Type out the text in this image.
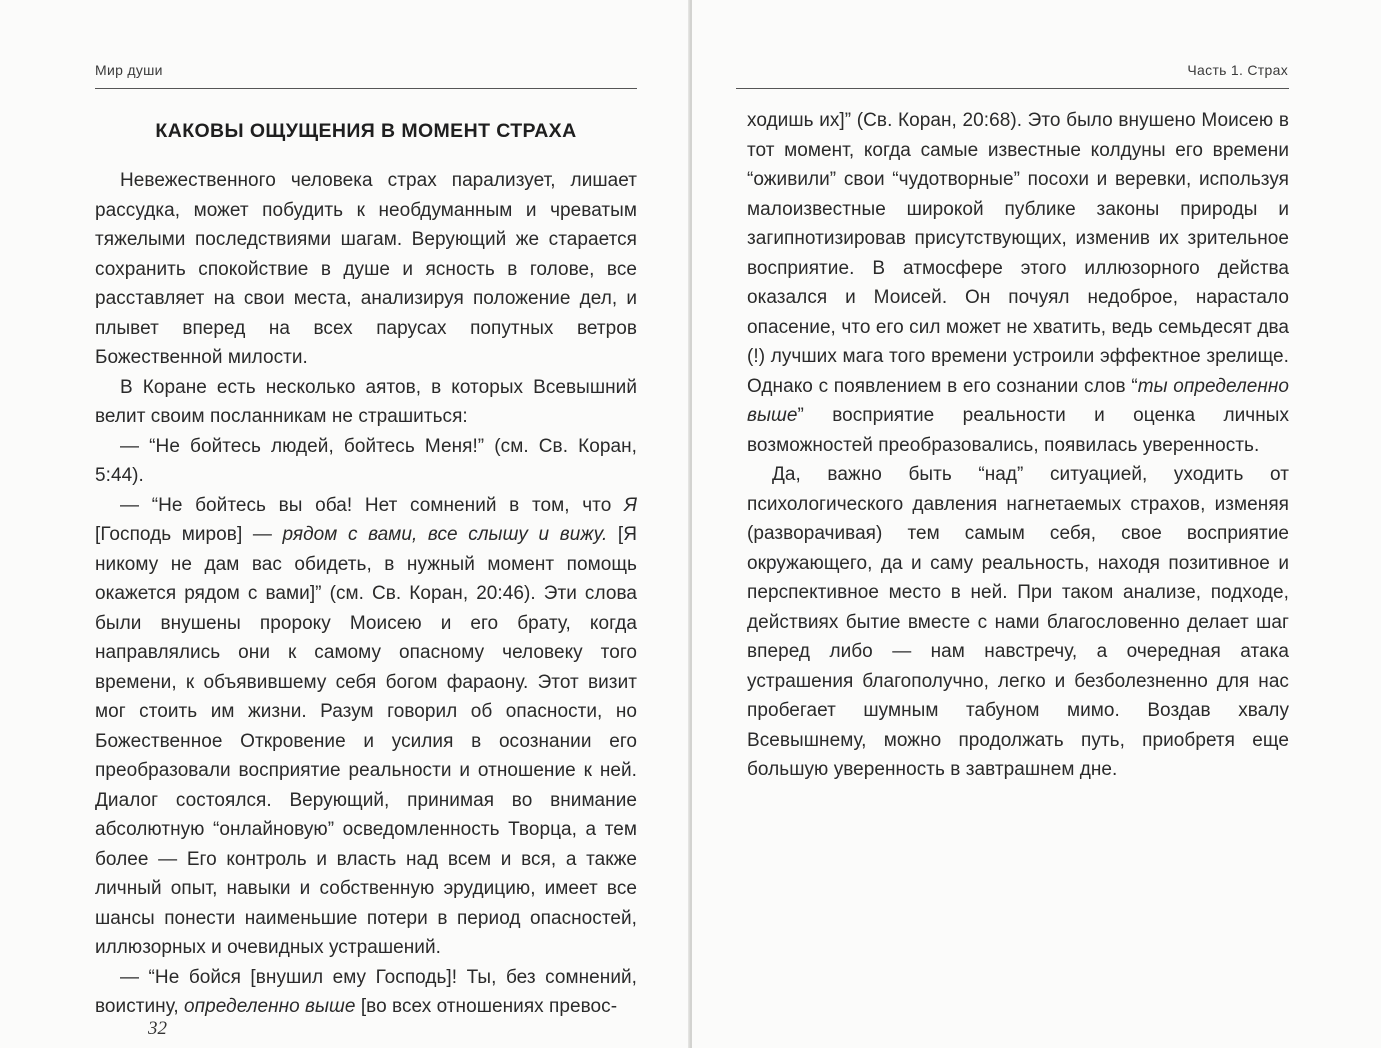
Мир души
КАКОВЫ ОЩУЩЕНИЯ В МОМЕНТ СТРАХА

Невежественного человека страх парализует, лишает рассудка, может побудить к необдуманным и чреватым тяжелыми последствиями шагам. Верующий же старается сохранить спокойствие в душе и ясность в голове, все расставляет на свои места, анализируя положение дел, и плывет вперед на всех парусах попутных ветров Божественной милости.

В Коране есть несколько аятов, в которых Всевышний велит своим посланникам не страшиться:

— “Не бойтесь людей, бойтесь Меня!” (см. Св. Коран, 5:44).

— “Не бойтесь вы оба! Нет сомнений в том, что Я [Господь миров] — рядом с вами, все слышу и вижу. [Я никому не дам вас обидеть, в нужный момент помощь окажется рядом с вами]” (см. Св. Коран, 20:46). Эти слова были внушены пророку Моисею и его брату, когда направлялись они к самому опасному человеку того времени, к объявившему себя богом фараону. Этот визит мог стоить им жизни. Разум говорил об опасности, но Божественное Откровение и усилия в осознании его преобразовали восприятие реальности и отношение к ней. Диалог состоялся. Верующий, принимая во внимание абсолютную “онлайновую” осведомленность Творца, а тем более — Его контроль и власть над всем и вся, а также личный опыт, навыки и собственную эрудицию, имеет все шансы понести наименьшие потери в период опасностей, иллюзорных и очевидных устрашений.

— “Не бойся [внушил ему Господь]! Ты, без сомнений, воистину, определенно выше [во всех отношениях превос-

32
Часть 1. Страх

ходишь их]” (Св. Коран, 20:68). Это было внушено Моисею в тот момент, когда самые известные колдуны его времени “оживили” свои “чудотворные” посохи и веревки, используя малоизвестные широкой публике законы природы и загипнотизировав присутствующих, изменив их зрительное восприятие. В атмосфере этого иллюзорного действа оказался и Моисей. Он почуял недоброе, нарастало опасение, что его сил может не хватить, ведь семьдесят два (!) лучших мага того времени устроили эффектное зрелище. Однако с появлением в его сознании слов “ты определенно выше” восприятие реальности и оценка личных возможностей преобразовались, появилась уверенность.

Да, важно быть “над” ситуацией, уходить от психологического давления нагнетаемых страхов, изменяя (разворачивая) тем самым себя, свое восприятие окружающего, да и саму реальность, находя позитивное и перспективное место в ней. При таком анализе, подходе, действиях бытие вместе с нами благословенно делает шаг вперед либо — нам навстречу, а очередная атака устрашения благополучно, легко и безболезненно для нас пробегает шумным табуном мимо. Воздав хвалу Всевышнему, можно продолжать путь, приобретя еще большую уверенность в завтрашнем дне.
